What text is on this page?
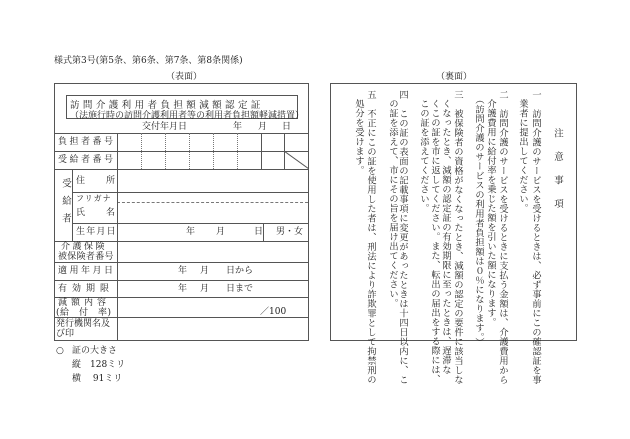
様式第3号(第5条、第6条、第7条、第8条関係)
（表面）	（裏面）
訪 問 介 護 利 用 者 負 担 額 減 額 認 定 証
（法施行時の訪問介護利用者等の利用者負担額軽減措置）
交付年月日	年 月 日
負担者番号
受給者番号
受給者 住　　所
フリガナ
氏　　名
生年月日	年 月	日 男・女
介護保険
被保険者番号
適用年月日	年 月 日から
有効期限	年 月 日まで
減額内容
(給　付　率)	／100
発行機関名及
び印
○ 証の大きさ
縦　128ミリ
横　 91ミリ
注意事項
一　訪問介護のサービスを受けるときは、必ず事前にこの確認証を事
業者に提出してください。
二　訪問介護のサービスを受けるときに支払う金額は、介護費用から
介護費用に給付率を乗じた額を引いた額になります。
（訪問介護のサービスの利用者負担額は０％になります。）
三　被保険者の資格がなくなったとき、減額の認定の要件に該当しな
くなったとき、減額の認定証の有効期限に至ったときは、遅滞な
くこの証を市に返してください。また、転出の届出をする際には、
この証を添えてください。
四　この証の表面の記載事項に変更があったときは十四日以内に、こ
の証を添えて、市にその旨を届け出てください。
五　不正にこの証を使用した者は、刑法により詐欺罪として拘禁刑の
処分を受けます。
